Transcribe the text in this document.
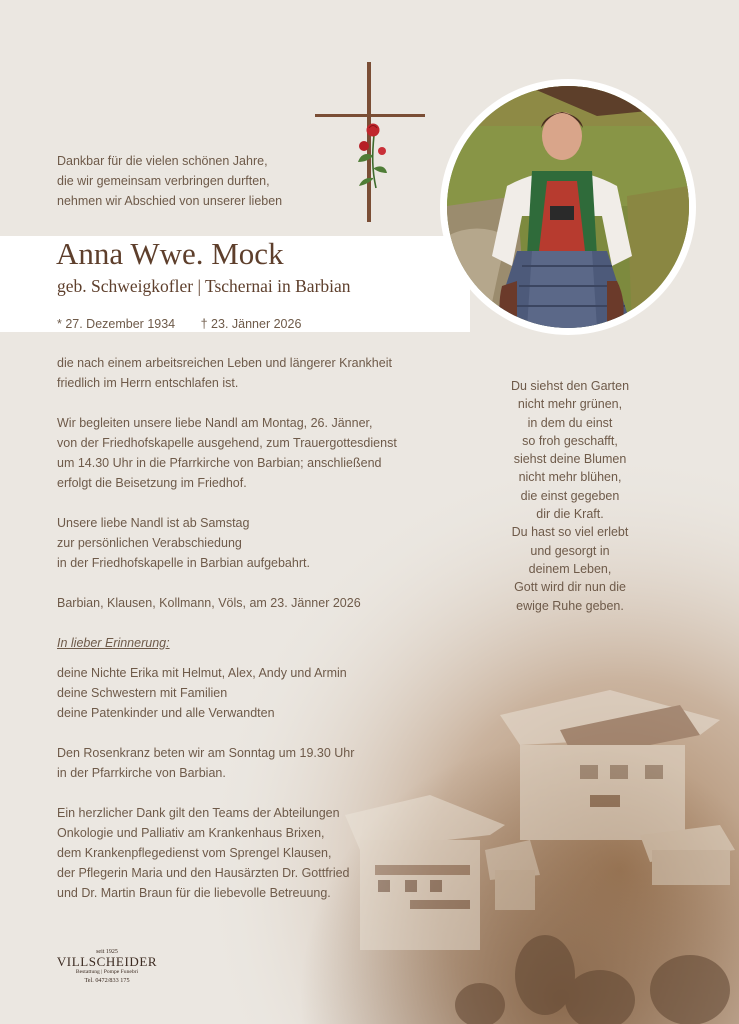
Dankbar für die vielen schönen Jahre,
die wir gemeinsam verbringen durften,
nehmen wir Abschied von unserer lieben
Anna Wwe. Mock
geb. Schweigkofler | Tschernai in Barbian
* 27. Dezember 1934 † 23. Jänner 2026
die nach einem arbeitsreichen Leben und längerer Krankheit
friedlich im Herrn entschlafen ist.
Wir begleiten unsere liebe Nandl am Montag, 26. Jänner,
von der Friedhofskapelle ausgehend, zum Trauergottesdienst
um 14.30 Uhr in die Pfarrkirche von Barbian; anschließend
erfolgt die Beisetzung im Friedhof.
Unsere liebe Nandl ist ab Samstag
zur persönlichen Verabschiedung
in der Friedhofskapelle in Barbian aufgebahrt.
Barbian, Klausen, Kollmann, Völs, am 23. Jänner 2026
In lieber Erinnerung:
deine Nichte Erika mit Helmut, Alex, Andy und Armin
deine Schwestern mit Familien
deine Patenkinder und alle Verwandten
Den Rosenkranz beten wir am Sonntag um 19.30 Uhr
in der Pfarrkirche von Barbian.
Ein herzlicher Dank gilt den Teams der Abteilungen
Onkologie und Palliativ am Krankenhaus Brixen,
dem Krankenpflegedienst vom Sprengel Klausen,
der Pflegerin Maria und den Hausärzten Dr. Gottfried
und Dr. Martin Braun für die liebevolle Betreuung.
Du siehst den Garten
nicht mehr grünen,
in dem du einst
so froh geschafft,
siehst deine Blumen
nicht mehr blühen,
die einst gegeben
dir die Kraft.
Du hast so viel erlebt
und gesorgt in
deinem Leben,
Gott wird dir nun die
ewige Ruhe geben.
seit 1925
VILLSCHEIDER
Bestattung | Pompe Funebri
Tel. 0472/833 175
